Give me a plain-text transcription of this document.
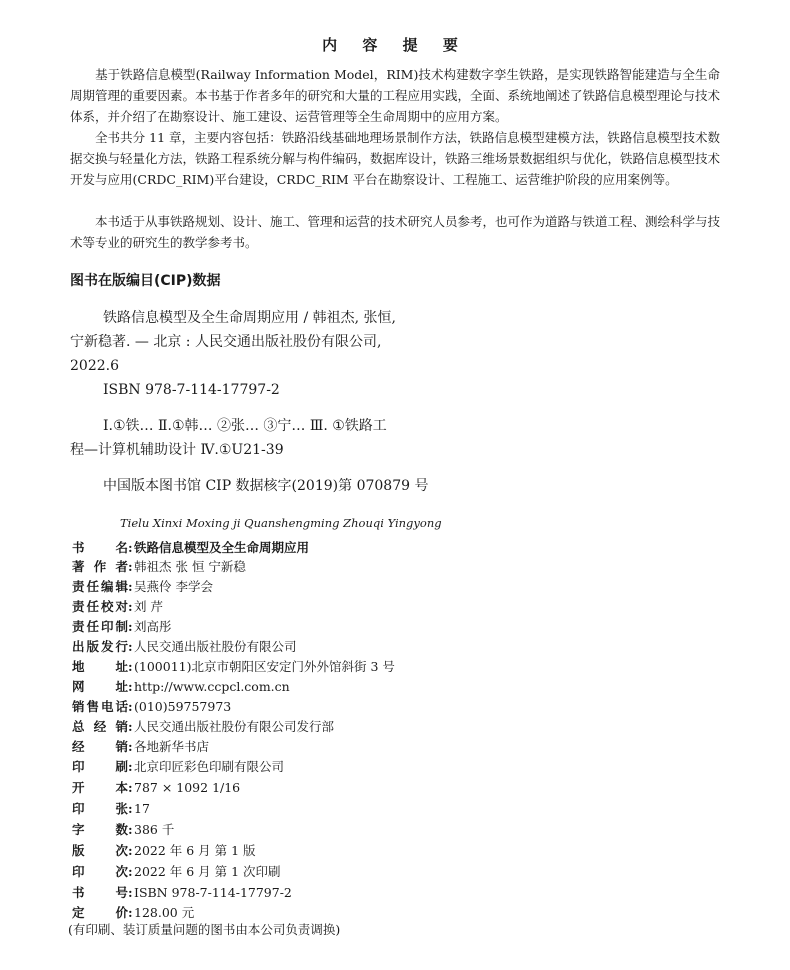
内 容 提 要
基于铁路信息模型(Railway Information Model，RIM)技术构建数字孪生铁路，是实现铁路智能建造与全生命周期管理的重要因素。本书基于作者多年的研究和大量的工程应用实践，全面、系统地阐述了铁路信息模型理论与技术体系，并介绍了在勘察设计、施工建设、运营管理等全生命周期中的应用方案。
全书共分 11 章，主要内容包括：铁路沿线基础地理场景制作方法，铁路信息模型建模方法，铁路信息模型技术数据交换与轻量化方法，铁路工程系统分解与构件编码，数据库设计，铁路三维场景数据组织与优化，铁路信息模型技术开发与应用(CRDC_RIM)平台建设，CRDC_RIM 平台在勘察设计、工程施工、运营维护阶段的应用案例等。
本书适于从事铁路规划、设计、施工、管理和运营的技术研究人员参考，也可作为道路与铁道工程、测绘科学与技术等专业的研究生的教学参考书。
图书在版编目(CIP)数据
铁路信息模型及全生命周期应用 / 韩祖杰, 张恒,
宁新稳著. — 北京 : 人民交通出版社股份有限公司,
2022.6
ISBN 978-7-114-17797-2
Ⅰ.①铁… Ⅱ.①韩… ②张… ③宁… Ⅲ. ①铁路工
程—计算机辅助设计 Ⅳ.①U21-39
中国版本图书馆 CIP 数据核字(2019)第 070879 号
Tielu Xinxi Moxing ji Quanshengming Zhouqi Yingyong
书 名:铁路信息模型及全生命周期应用
著 作 者:韩祖杰 张 恒 宁新稳
责任编辑:吴燕伶 李学会
责任校对:刘 芹
责任印制:刘高彤
出版发行:人民交通出版社股份有限公司
地 址:(100011)北京市朝阳区安定门外外馆斜街 3 号
网 址:http://www.ccpcl.com.cn
销售电话:(010)59757973
总 经 销:人民交通出版社股份有限公司发行部
经 销:各地新华书店
印 刷:北京印匠彩色印刷有限公司
开 本:787 × 1092 1/16
印 张:17
字 数:386 千
版 次:2022 年 6 月 第 1 版
印 次:2022 年 6 月 第 1 次印刷
书 号:ISBN 978-7-114-17797-2
定 价:128.00 元
(有印刷、装订质量问题的图书由本公司负责调换)
